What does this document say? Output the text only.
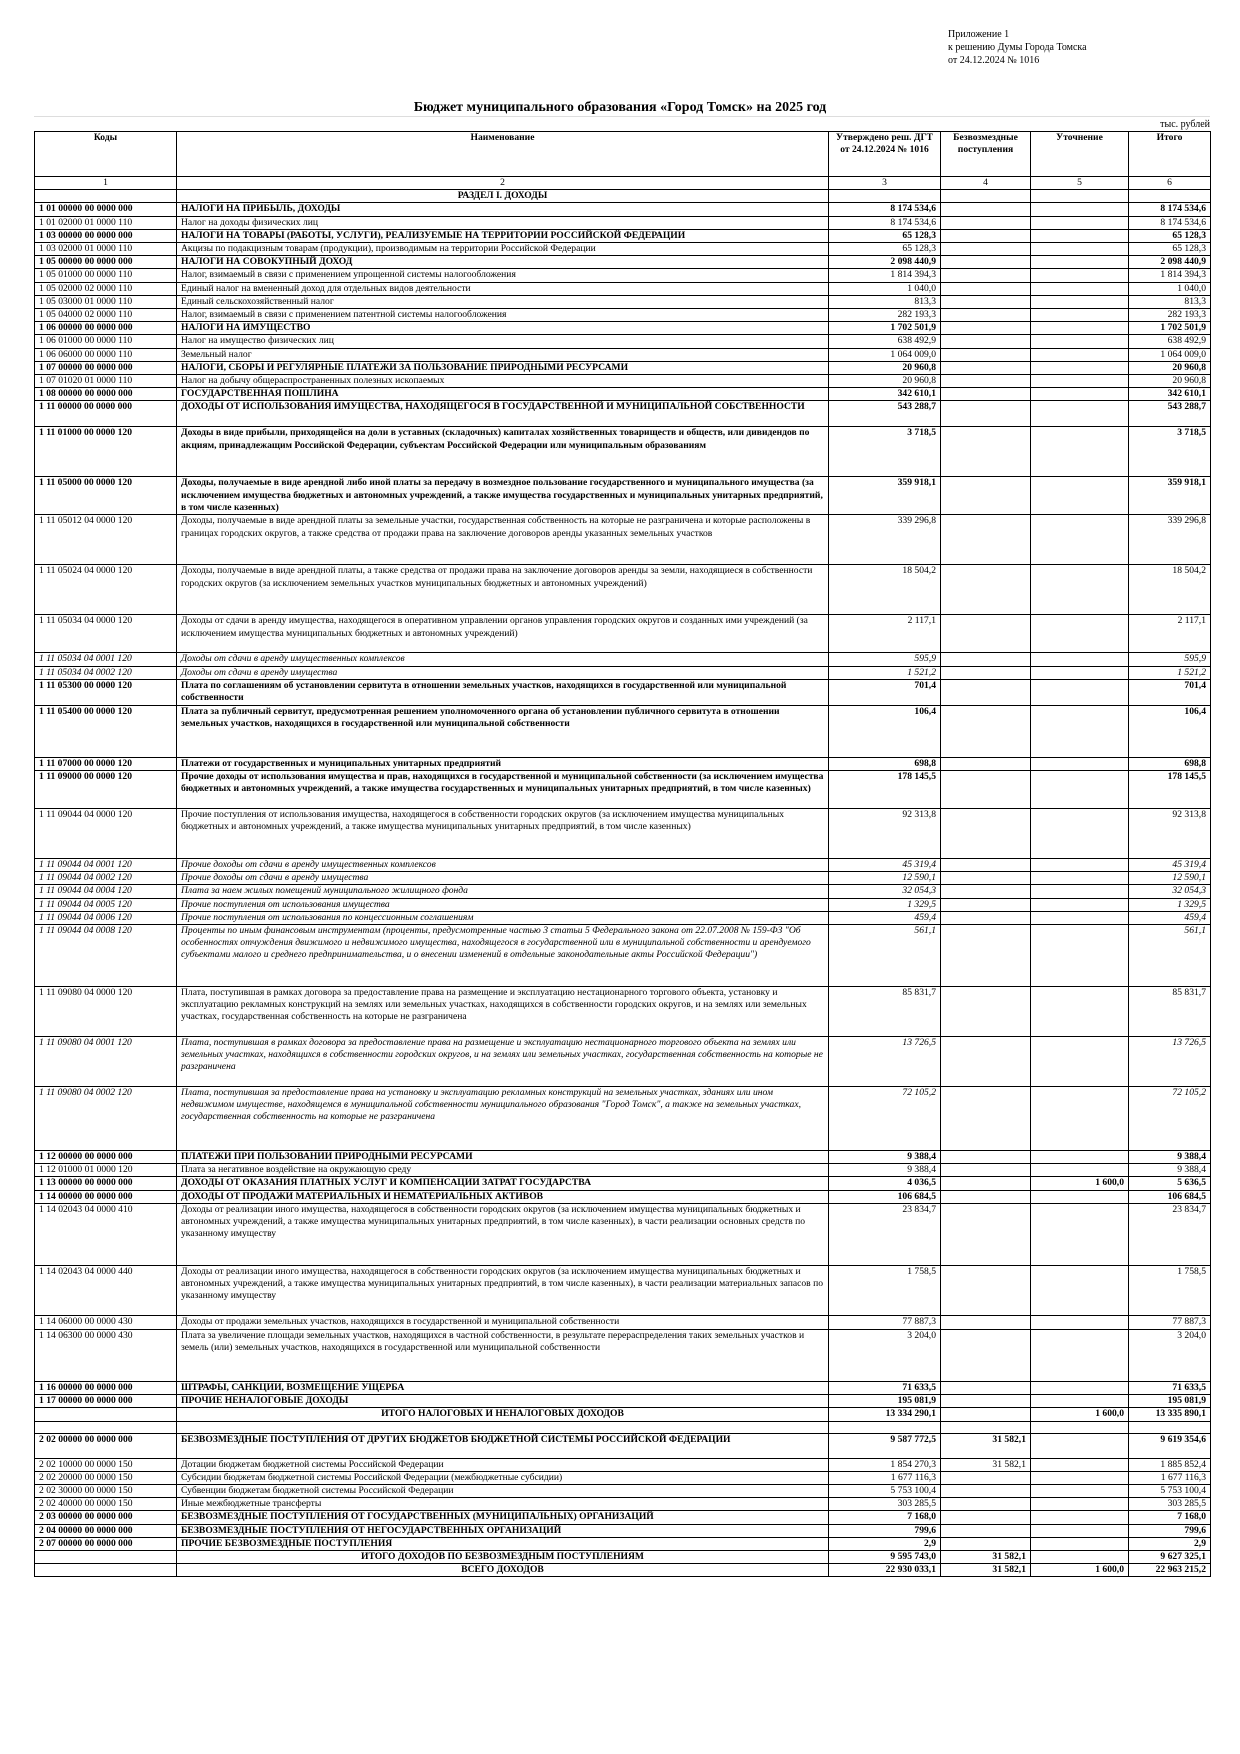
Приложение 1
к решению Думы Города Томска
от 24.12.2024 № 1016
Бюджет муниципального образования «Город Томск» на 2025 год
тыс. рублей
Коды	Наименование	Утверждено реш. ДГТ от 24.12.2024 № 1016	Безвозмездные поступления	Уточнение	Итого
1	2	3	4	5	6
	РАЗДЕЛ I. ДОХОДЫ				
1 01 00000 00 0000 000	НАЛОГИ НА ПРИБЫЛЬ, ДОХОДЫ	8 174 534,6			8 174 534,6
1 01 02000 01 0000 110	Налог на доходы физических лиц	8 174 534,6			8 174 534,6
1 03 00000 00 0000 000	НАЛОГИ НА ТОВАРЫ (РАБОТЫ, УСЛУГИ), РЕАЛИЗУЕМЫЕ НА ТЕРРИТОРИИ РОССИЙСКОЙ ФЕДЕРАЦИИ	65 128,3			65 128,3
1 03 02000 01 0000 110	Акцизы по подакцизным товарам (продукции), производимым на территории Российской Федерации	65 128,3			65 128,3
1 05 00000 00 0000 000	НАЛОГИ НА СОВОКУПНЫЙ ДОХОД	2 098 440,9			2 098 440,9
1 05 01000 00 0000 110	Налог, взимаемый в связи с применением упрощенной системы налогообложения	1 814 394,3			1 814 394,3
1 05 02000 02 0000 110	Единый налог на вмененный доход для отдельных видов деятельности	1 040,0			1 040,0
1 05 03000 01 0000 110	Единый сельскохозяйственный налог	813,3			813,3
1 05 04000 02 0000 110	Налог, взимаемый в связи с применением патентной системы налогообложения	282 193,3			282 193,3
1 06 00000 00 0000 000	НАЛОГИ НА ИМУЩЕСТВО	1 702 501,9			1 702 501,9
1 06 01000 00 0000 110	Налог на имущество физических лиц	638 492,9			638 492,9
1 06 06000 00 0000 110	Земельный налог	1 064 009,0			1 064 009,0
1 07 00000 00 0000 000	НАЛОГИ, СБОРЫ И РЕГУЛЯРНЫЕ ПЛАТЕЖИ ЗА ПОЛЬЗОВАНИЕ ПРИРОДНЫМИ РЕСУРСАМИ	20 960,8			20 960,8
1 07 01020 01 0000 110	Налог на добычу общераспространенных полезных ископаемых	20 960,8			20 960,8
1 08 00000 00 0000 000	ГОСУДАРСТВЕННАЯ ПОШЛИНА	342 610,1			342 610,1
1 11 00000 00 0000 000	ДОХОДЫ ОТ ИСПОЛЬЗОВАНИЯ ИМУЩЕСТВА, НАХОДЯЩЕГОСЯ В ГОСУДАРСТВЕННОЙ И МУНИЦИПАЛЬНОЙ СОБСТВЕННОСТИ	543 288,7			543 288,7
1 11 01000 00 0000 120	Доходы в виде прибыли, приходящейся на доли в уставных (складочных) капиталах хозяйственных товариществ и обществ, или дивидендов по акциям, принадлежащим Российской Федерации, субъектам Российской Федерации или муниципальным образованиям	3 718,5			3 718,5
1 11 05000 00 0000 120	Доходы, получаемые в виде арендной либо иной платы за передачу в возмездное пользование государственного и муниципального имущества (за исключением имущества бюджетных и автономных учреждений, а также имущества государственных и муниципальных унитарных предприятий, в том числе казенных)	359 918,1			359 918,1
1 11 05012 04 0000 120	Доходы, получаемые в виде арендной платы за земельные участки, государственная собственность на которые не разграничена и которые расположены в границах городских округов, а также средства от продажи права на заключение договоров аренды указанных земельных участков	339 296,8			339 296,8
1 11 05024 04 0000 120	Доходы, получаемые в виде арендной платы, а также средства от продажи права на заключение договоров аренды за земли, находящиеся в собственности городских округов (за исключением земельных участков муниципальных бюджетных и автономных учреждений)	18 504,2			18 504,2
1 11 05034 04 0000 120	Доходы от сдачи в аренду имущества, находящегося в оперативном управлении органов управления городских округов и созданных ими учреждений (за исключением имущества муниципальных бюджетных и автономных учреждений)	2 117,1			2 117,1
1 11 05034 04 0001 120	Доходы от сдачи в аренду имущественных комплексов	595,9			595,9
1 11 05034 04 0002 120	Доходы от сдачи в аренду имущества	1 521,2			1 521,2
1 11 05300 00 0000 120	Плата по соглашениям об установлении сервитута в отношении земельных участков, находящихся в государственной или муниципальной собственности	701,4			701,4
1 11 05400 00 0000 120	Плата за публичный сервитут, предусмотренная решением уполномоченного органа об установлении публичного сервитута в отношении земельных участков, находящихся в государственной или муниципальной собственности	106,4			106,4
1 11 07000 00 0000 120	Платежи от государственных и муниципальных унитарных предприятий	698,8			698,8
1 11 09000 00 0000 120	Прочие доходы от использования имущества и прав, находящихся в государственной и муниципальной собственности (за исключением имущества бюджетных и автономных учреждений, а также имущества государственных и муниципальных унитарных предприятий, в том числе казенных)	178 145,5			178 145,5
1 11 09044 04 0000 120	Прочие поступления от использования имущества, находящегося в собственности городских округов (за исключением имущества муниципальных бюджетных и автономных учреждений, а также имущества муниципальных унитарных предприятий, в том числе казенных)	92 313,8			92 313,8
1 11 09044 04 0001 120	Прочие доходы от сдачи в аренду имущественных комплексов	45 319,4			45 319,4
1 11 09044 04 0002 120	Прочие доходы от сдачи в аренду имущества	12 590,1			12 590,1
1 11 09044 04 0004 120	Плата за наем жилых помещений муниципального жилищного фонда	32 054,3			32 054,3
1 11 09044 04 0005 120	Прочие поступления от использования имущества	1 329,5			1 329,5
1 11 09044 04 0006 120	Прочие поступления от использования по концессионным соглашениям	459,4			459,4
1 11 09044 04 0008 120	Проценты по иным финансовым инструментам (проценты, предусмотренные частью 3 статьи 5 Федерального закона от 22.07.2008 № 159-ФЗ "Об особенностях отчуждения движимого и недвижимого имущества, находящегося в государственной или в муниципальной собственности и арендуемого субъектами малого и среднего предпринимательства, и о внесении изменений в отдельные законодательные акты Российской Федерации")	561,1			561,1
1 11 09080 04 0000 120	Плата, поступившая в рамках договора за предоставление права на размещение и эксплуатацию нестационарного торгового объекта, установку и эксплуатацию рекламных конструкций на землях или земельных участках, находящихся в собственности городских округов, и на землях или земельных участках, государственная собственность на которые не разграничена	85 831,7			85 831,7
1 11 09080 04 0001 120	Плата, поступившая в рамках договора за предоставление права на размещение и эксплуатацию нестационарного торгового объекта на землях или земельных участках, находящихся в собственности городских округов, и на землях или земельных участках, государственная собственность на которые не разграничена	13 726,5			13 726,5
1 11 09080 04 0002 120	Плата, поступившая за предоставление права на установку и эксплуатацию рекламных конструкций на земельных участках, зданиях или ином недвижимом имуществе, находящемся в муниципальной собственности муниципального образования "Город Томск", а также на земельных участках, государственная собственность на которые не разграничена	72 105,2			72 105,2
1 12 00000 00 0000 000	ПЛАТЕЖИ ПРИ ПОЛЬЗОВАНИИ ПРИРОДНЫМИ РЕСУРСАМИ	9 388,4			9 388,4
1 12 01000 01 0000 120	Плата за негативное воздействие на окружающую среду	9 388,4			9 388,4
1 13 00000 00 0000 000	ДОХОДЫ ОТ ОКАЗАНИЯ ПЛАТНЫХ УСЛУГ И КОМПЕНСАЦИИ ЗАТРАТ ГОСУДАРСТВА	4 036,5		1 600,0	5 636,5
1 14 00000 00 0000 000	ДОХОДЫ ОТ ПРОДАЖИ МАТЕРИАЛЬНЫХ И НЕМАТЕРИАЛЬНЫХ АКТИВОВ	106 684,5			106 684,5
1 14 02043 04 0000 410	Доходы от реализации иного имущества, находящегося в собственности городских округов (за исключением имущества муниципальных бюджетных и автономных учреждений, а также имущества муниципальных унитарных предприятий, в том числе казенных), в части реализации основных средств по указанному имуществу	23 834,7			23 834,7
1 14 02043 04 0000 440	Доходы от реализации иного имущества, находящегося в собственности городских округов (за исключением имущества муниципальных бюджетных и автономных учреждений, а также имущества муниципальных унитарных предприятий, в том числе казенных), в части реализации материальных запасов по указанному имуществу	1 758,5			1 758,5
1 14 06000 00 0000 430	Доходы от продажи земельных участков, находящихся в государственной и муниципальной собственности	77 887,3			77 887,3
1 14 06300 00 0000 430	Плата за увеличение площади земельных участков, находящихся в частной собственности, в результате перераспределения таких земельных участков и земель (или) земельных участков, находящихся в государственной или муниципальной собственности	3 204,0			3 204,0
1 16 00000 00 0000 000	ШТРАФЫ, САНКЦИИ, ВОЗМЕЩЕНИЕ УЩЕРБА	71 633,5			71 633,5
1 17 00000 00 0000 000	ПРОЧИЕ НЕНАЛОГОВЫЕ ДОХОДЫ	195 081,9			195 081,9
	ИТОГО НАЛОГОВЫХ И НЕНАЛОГОВЫХ ДОХОДОВ	13 334 290,1		1 600,0	13 335 890,1

2 02 00000 00 0000 000	БЕЗВОЗМЕЗДНЫЕ ПОСТУПЛЕНИЯ ОТ ДРУГИХ БЮДЖЕТОВ БЮДЖЕТНОЙ СИСТЕМЫ РОССИЙСКОЙ ФЕДЕРАЦИИ	9 587 772,5	31 582,1		9 619 354,6
2 02 10000 00 0000 150	Дотации бюджетам бюджетной системы Российской Федерации	1 854 270,3	31 582,1		1 885 852,4
2 02 20000 00 0000 150	Субсидии бюджетам бюджетной системы Российской Федерации (межбюджетные субсидии)	1 677 116,3			1 677 116,3
2 02 30000 00 0000 150	Субвенции бюджетам бюджетной системы Российской Федерации	5 753 100,4			5 753 100,4
2 02 40000 00 0000 150	Иные межбюджетные трансферты	303 285,5			303 285,5
2 03 00000 00 0000 000	БЕЗВОЗМЕЗДНЫЕ ПОСТУПЛЕНИЯ ОТ ГОСУДАРСТВЕННЫХ (МУНИЦИПАЛЬНЫХ) ОРГАНИЗАЦИЙ	7 168,0			7 168,0
2 04 00000 00 0000 000	БЕЗВОЗМЕЗДНЫЕ ПОСТУПЛЕНИЯ ОТ НЕГОСУДАРСТВЕННЫХ ОРГАНИЗАЦИЙ	799,6			799,6
2 07 00000 00 0000 000	ПРОЧИЕ БЕЗВОЗМЕЗДНЫЕ ПОСТУПЛЕНИЯ	2,9			2,9
	ИТОГО ДОХОДОВ ПО БЕЗВОЗМЕЗДНЫМ ПОСТУПЛЕНИЯМ	9 595 743,0	31 582,1		9 627 325,1
	ВСЕГО ДОХОДОВ	22 930 033,1	31 582,1	1 600,0	22 963 215,2
